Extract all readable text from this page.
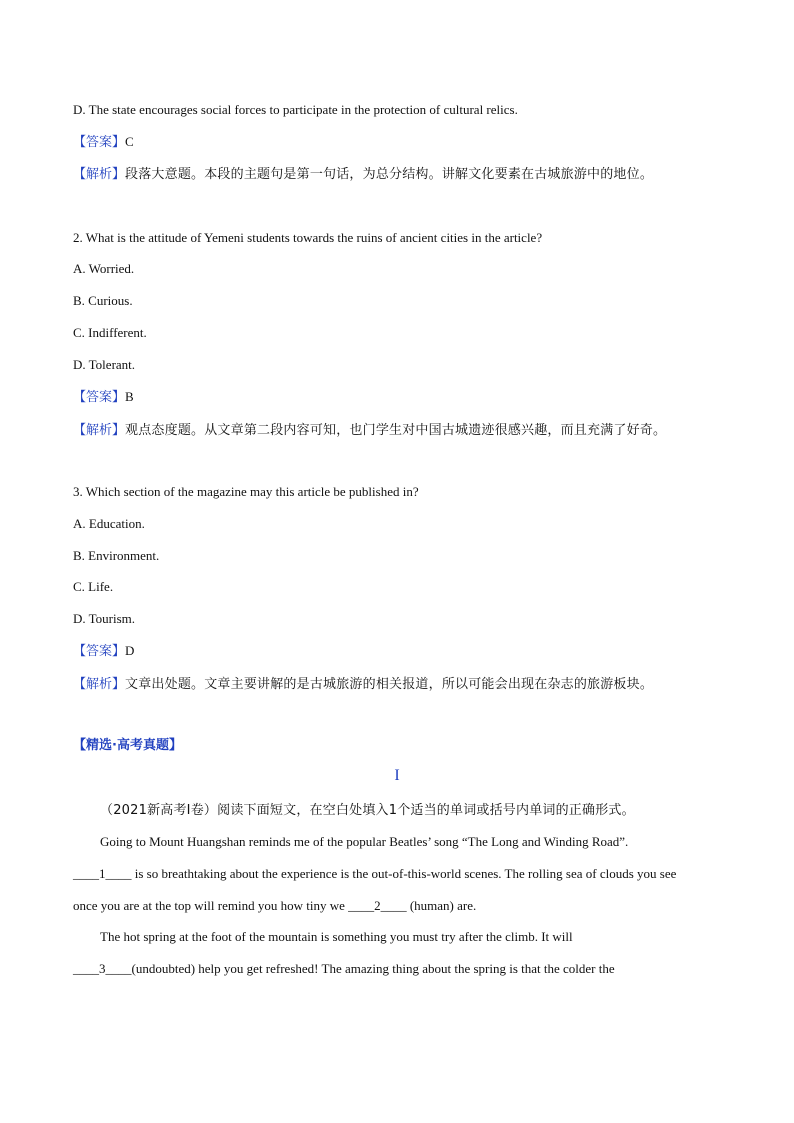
D. The state encourages social forces to participate in the protection of cultural relics.
【答案】C
【解析】段落大意题。本段的主题句是第一句话，为总分结构。讲解文化要素在古城旅游中的地位。
2. What is the attitude of Yemeni students towards the ruins of ancient cities in the article?
A. Worried.
B. Curious.
C. Indifferent.
D. Tolerant.
【答案】B
【解析】观点态度题。从文章第二段内容可知，也门学生对中国古城遗迹很感兴趣，而且充满了好奇。
3. Which section of the magazine may this article be published in?
A. Education.
B. Environment.
C. Life.
D. Tourism.
【答案】D
【解析】文章出处题。文章主要讲解的是古城旅游的相关报道，所以可能会出现在杂志的旅游板块。
【精选·高考真题】
I
（2021新高考Ⅰ卷）阅读下面短文，在空白处填入1个适当的单词或括号内单词的正确形式。
Going to Mount Huangshan reminds me of the popular Beatles’ song “The Long and Winding Road”.
____1____ is so breathtaking about the experience is the out-of-this-world scenes. The rolling sea of clouds you see
once you are at the top will remind you how tiny we ____2____ (human) are.
The hot spring at the foot of the mountain is something you must try after the climb. It will
____3____(undoubted) help you get refreshed! The amazing thing about the spring is that the colder the
